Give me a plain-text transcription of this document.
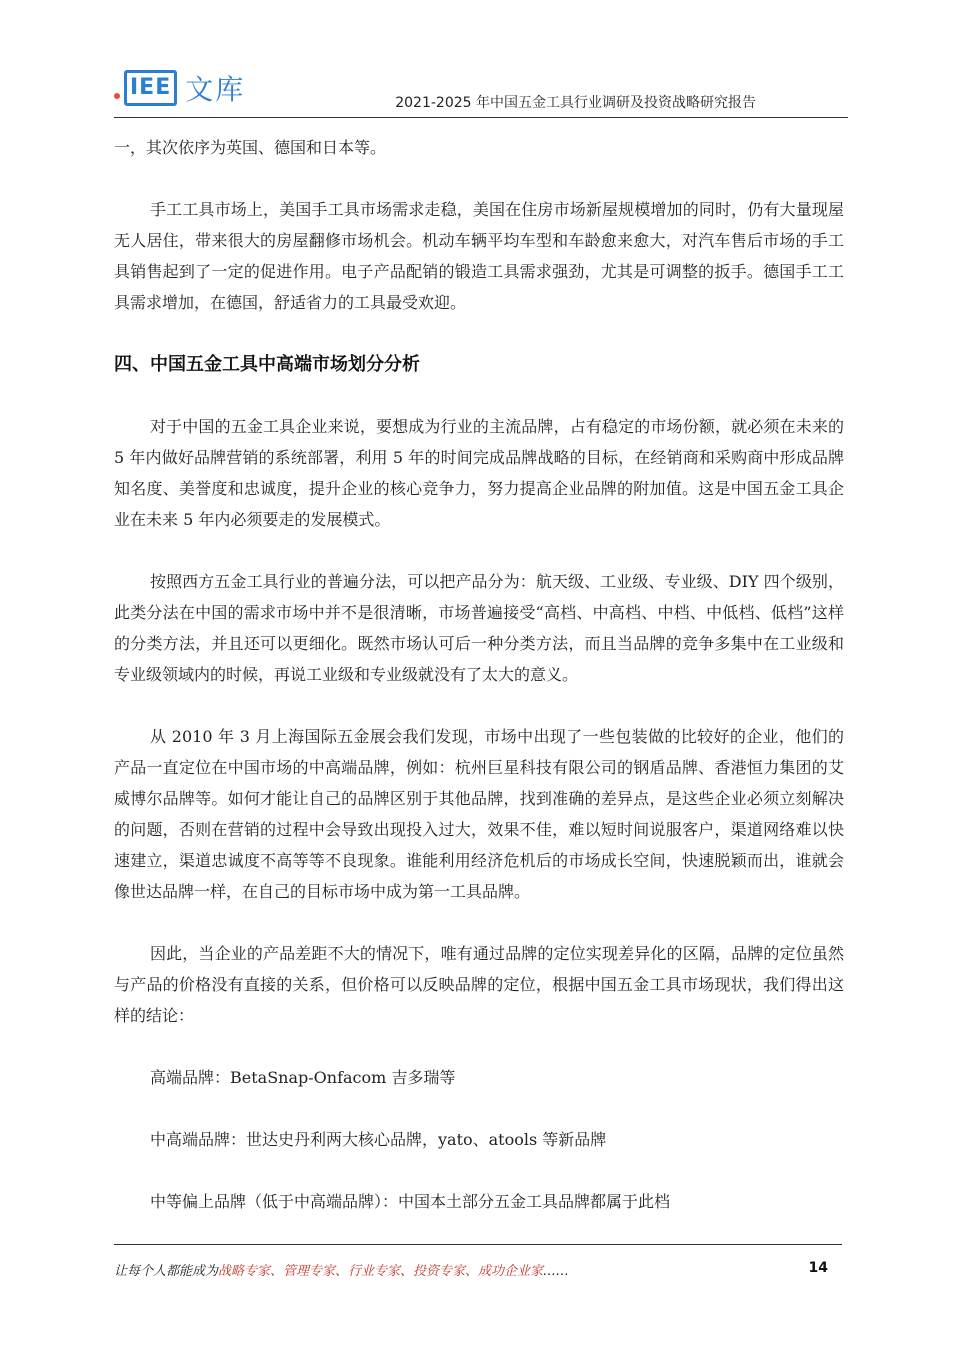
IEE 文库	2021-2025 年中国五金工具行业调研及投资战略研究报告

一，其次依序为英国、德国和日本等。

手工工具市场上，美国手工具市场需求走稳，美国在住房市场新屋规模增加的同时，仍有大量现屋无人居住，带来很大的房屋翻修市场机会。机动车辆平均车型和车龄愈来愈大，对汽车售后市场的手工具销售起到了一定的促进作用。电子产品配销的锻造工具需求强劲，尤其是可调整的扳手。德国手工工具需求增加，在德国，舒适省力的工具最受欢迎。

四、中国五金工具中高端市场划分分析

对于中国的五金工具企业来说，要想成为行业的主流品牌，占有稳定的市场份额，就必须在未来的 5 年内做好品牌营销的系统部署，利用 5 年的时间完成品牌战略的目标，在经销商和采购商中形成品牌知名度、美誉度和忠诚度，提升企业的核心竞争力，努力提高企业品牌的附加值。这是中国五金工具企业在未来 5 年内必须要走的发展模式。

按照西方五金工具行业的普遍分法，可以把产品分为：航天级、工业级、专业级、DIY 四个级别，此类分法在中国的需求市场中并不是很清晰，市场普遍接受“高档、中高档、中档、中低档、低档”这样的分类方法，并且还可以更细化。既然市场认可后一种分类方法，而且当品牌的竞争多集中在工业级和专业级领域内的时候，再说工业级和专业级就没有了太大的意义。

从 2010 年 3 月上海国际五金展会我们发现，市场中出现了一些包装做的比较好的企业，他们的产品一直定位在中国市场的中高端品牌，例如：杭州巨星科技有限公司的钢盾品牌、香港恒力集团的艾威博尔品牌等。如何才能让自己的品牌区别于其他品牌，找到准确的差异点，是这些企业必须立刻解决的问题，否则在营销的过程中会导致出现投入过大，效果不佳，难以短时间说服客户，渠道网络难以快速建立，渠道忠诚度不高等等不良现象。谁能利用经济危机后的市场成长空间，快速脱颖而出，谁就会像世达品牌一样，在自己的目标市场中成为第一工具品牌。

因此，当企业的产品差距不大的情况下，唯有通过品牌的定位实现差异化的区隔，品牌的定位虽然与产品的价格没有直接的关系，但价格可以反映品牌的定位，根据中国五金工具市场现状，我们得出这样的结论：

高端品牌：BetaSnap-Onfacom 吉多瑞等

中高端品牌：世达史丹利两大核心品牌，yato、atools 等新品牌

中等偏上品牌（低于中高端品牌）：中国本土部分五金工具品牌都属于此档

让每个人都能成为战略专家、管理专家、行业专家、投资专家、成功企业家……	14
